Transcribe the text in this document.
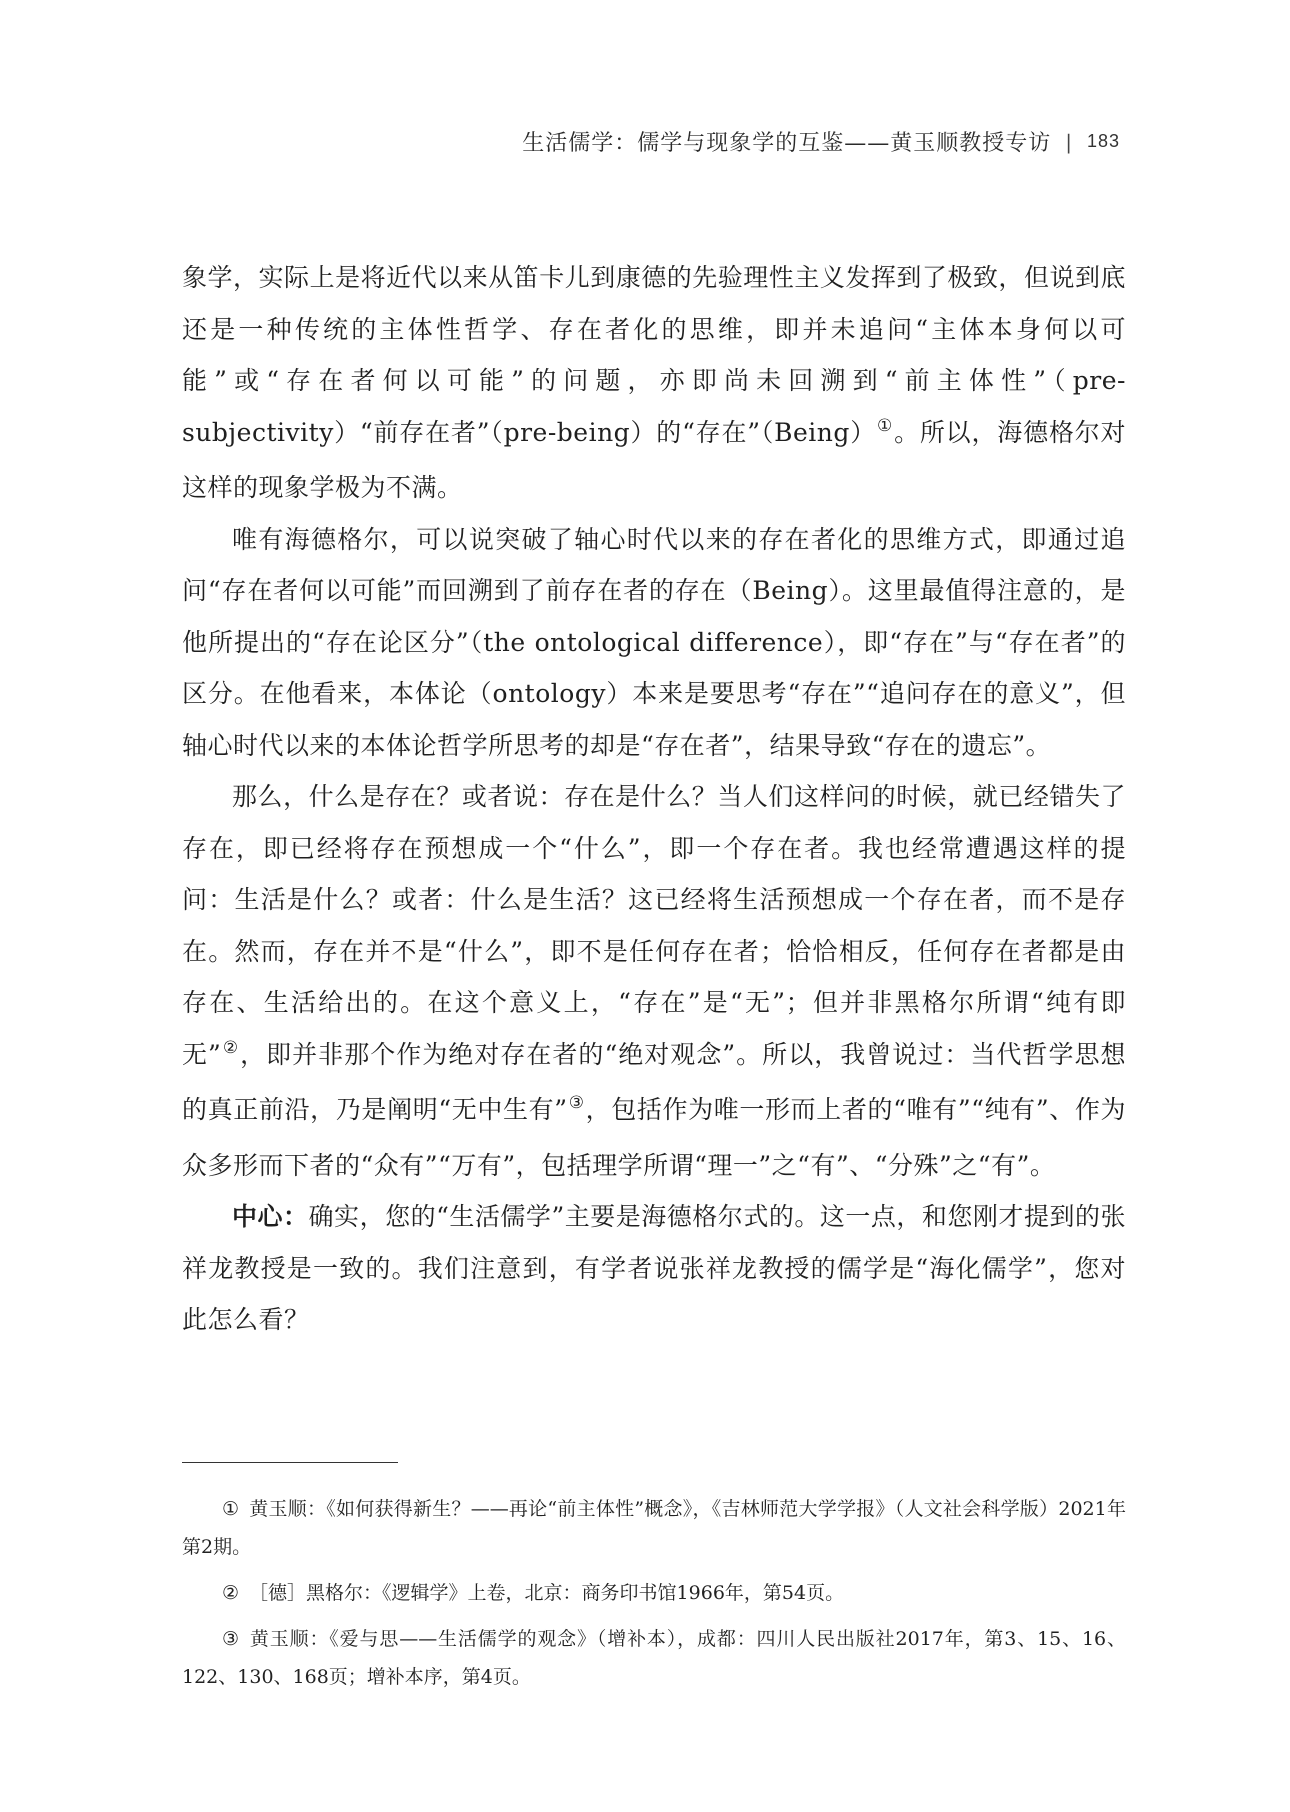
生活儒学：儒学与现象学的互鉴——黄玉顺教授专访 | 183

象学，实际上是将近代以来从笛卡儿到康德的先验理性主义发挥到了极致，但说到底还是一种传统的主体性哲学、存在者化的思维，即并未追问“主体本身何以可能”或“存在者何以可能”的问题，亦即尚未回溯到“前主体性”（pre-subjectivity）“前存在者”（pre-being）的“存在”（Being）①。所以，海德格尔对这样的现象学极为不满。

唯有海德格尔，可以说突破了轴心时代以来的存在者化的思维方式，即通过追问“存在者何以可能”而回溯到了前存在者的存在（Being）。这里最值得注意的，是他所提出的“存在论区分”（the ontological difference），即“存在”与“存在者”的区分。在他看来，本体论（ontology）本来是要思考“存在”“追问存在的意义”，但轴心时代以来的本体论哲学所思考的却是“存在者”，结果导致“存在的遗忘”。

那么，什么是存在？或者说：存在是什么？当人们这样问的时候，就已经错失了存在，即已经将存在预想成一个“什么”，即一个存在者。我也经常遭遇这样的提问：生活是什么？或者：什么是生活？这已经将生活预想成一个存在者，而不是存在。然而，存在并不是“什么”，即不是任何存在者；恰恰相反，任何存在者都是由存在、生活给出的。在这个意义上，“存在”是“无”；但并非黑格尔所谓“纯有即无”②，即并非那个作为绝对存在者的“绝对观念”。所以，我曾说过：当代哲学思想的真正前沿，乃是阐明“无中生有”③，包括作为唯一形而上者的“唯有”“纯有”、作为众多形而下者的“众有”“万有”，包括理学所谓“理一”之“有”、“分殊”之“有”。

中心：确实，您的“生活儒学”主要是海德格尔式的。这一点，和您刚才提到的张祥龙教授是一致的。我们注意到，有学者说张祥龙教授的儒学是“海化儒学”，您对此怎么看？

① 黄玉顺：《如何获得新生？——再论“前主体性”概念》，《吉林师范大学学报》（人文社会科学版）2021年第2期。

② ［德］黑格尔：《逻辑学》上卷，北京：商务印书馆1966年，第54页。

③ 黄玉顺：《爱与思——生活儒学的观念》（增补本），成都：四川人民出版社2017年，第3、15、16、122、130、168页；增补本序，第4页。
